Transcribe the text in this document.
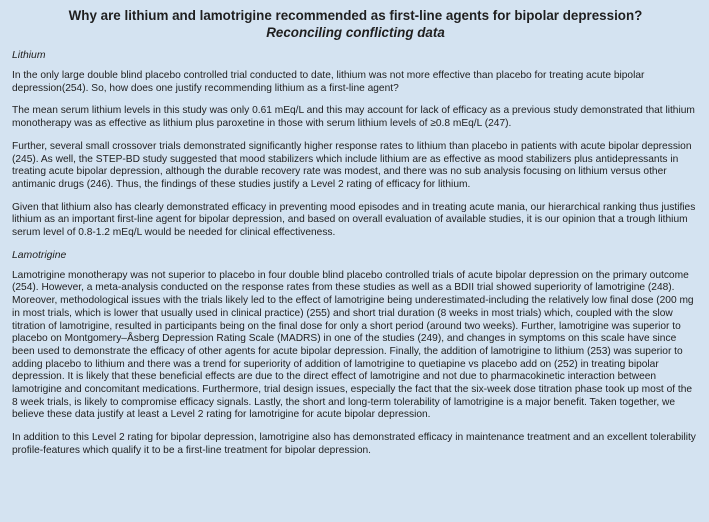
Why are lithium and lamotrigine recommended as first-line agents for bipolar depression?
Reconciling conflicting data
Lithium

In the only large double blind placebo controlled trial conducted to date, lithium was not more effective than placebo for treating acute bipolar depression(254). So, how does one justify recommending lithium as a first-line agent?

The mean serum lithium levels in this study was only 0.61 mEq/L and this may account for lack of efficacy as a previous study demonstrated that lithium monotherapy was as effective as lithium plus paroxetine in those with serum lithium levels of ≥0.8 mEq/L (247).

Further, several small crossover trials demonstrated significantly higher response rates to lithium than placebo in patients with acute bipolar depression (245). As well, the STEP-BD study suggested that mood stabilizers which include lithium are as effective as mood stabilizers plus antidepressants in treating acute bipolar depression, although the durable recovery rate was modest, and there was no sub analysis focusing on lithium versus other antimanic drugs (246). Thus, the findings of these studies justify a Level 2 rating of efficacy for lithium.

Given that lithium also has clearly demonstrated efficacy in preventing mood episodes and in treating acute mania, our hierarchical ranking thus justifies lithium as an important first-line agent for bipolar depression, and based on overall evaluation of available studies, it is our opinion that a trough lithium serum level of 0.8-1.2 mEq/L would be needed for clinical effectiveness.

Lamotrigine

Lamotrigine monotherapy was not superior to placebo in four double blind placebo controlled trials of acute bipolar depression on the primary outcome (254). However, a meta-analysis conducted on the response rates from these studies as well as a BDII trial showed superiority of lamotrigine (248). Moreover, methodological issues with the trials likely led to the effect of lamotrigine being underestimated-including the relatively low final dose (200 mg in most trials, which is lower that usually used in clinical practice) (255) and short trial duration (8 weeks in most trials) which, coupled with the slow titration of lamotrigine, resulted in participants being on the final dose for only a short period (around two weeks). Further, lamotrigine was superior to placebo on Montgomery–Åsberg Depression Rating Scale (MADRS) in one of the studies (249), and changes in symptoms on this scale have since been used to demonstrate the efficacy of other agents for acute bipolar depression. Finally, the addition of lamotrigine to lithium (253) was superior to adding placebo to lithium and there was a trend for superiority of addition of lamotrigine to quetiapine vs placebo add on (252) in treating bipolar depression. It is likely that these beneficial effects are due to the direct effect of lamotrigine and not due to pharmacokinetic interaction between lamotrigine and concomitant medications. Furthermore, trial design issues, especially the fact that the six-week dose titration phase took up most of the 8 week trials, is likely to compromise efficacy signals. Lastly, the short and long-term tolerability of lamotrigine is a major benefit. Taken together, we believe these data justify at least a Level 2 rating for lamotrigine for acute bipolar depression.

In addition to this Level 2 rating for bipolar depression, lamotrigine also has demonstrated efficacy in maintenance treatment and an excellent tolerability profile-features which qualify it to be a first-line treatment for bipolar depression.
